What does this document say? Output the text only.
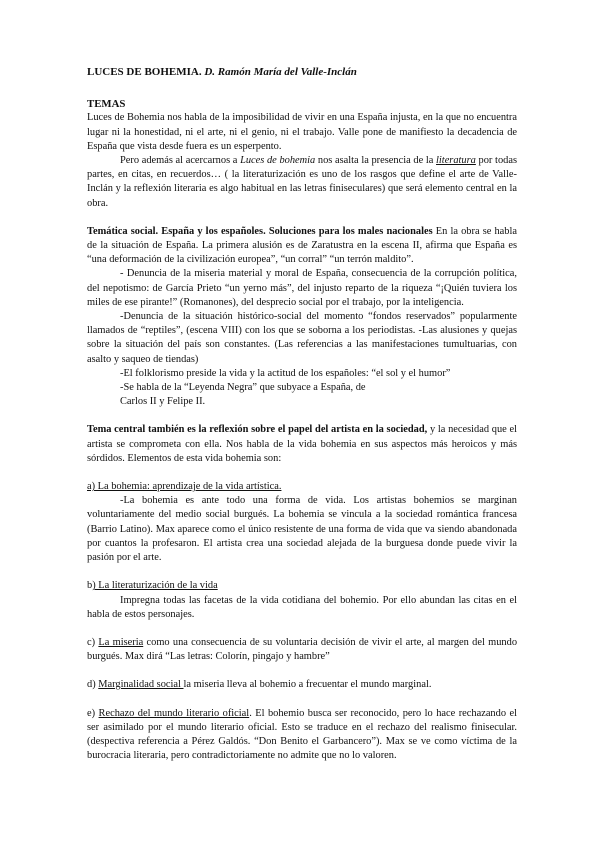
LUCES DE BOHEMIA. D. Ramón María del Valle-Inclán

TEMAS

Luces de Bohemia nos habla de la imposibilidad de vivir en una España injusta, en la que no encuentra lugar ni la honestidad, ni el arte, ni el genio, ni el trabajo. Valle pone de manifiesto la decadencia de España que vista desde fuera es un esperpento.

Pero además al acercarnos a Luces de bohemia nos asalta la presencia de la literatura por todas partes, en citas, en recuerdos… ( la literaturización es uno de los rasgos que define el arte de Valle-Inclán y la reflexión literaria es algo habitual en las letras finiseculares) que será elemento central en la obra.

Temática social. España y los españoles. Soluciones para los males nacionales En la obra se habla de la situación de España. La primera alusión es de Zaratustra en la escena II, afirma que España es “una deformación de la civilización europea”, “un corral” “un terrón maldito”.

- Denuncia de la miseria material y moral de España, consecuencia de la corrupción política, del nepotismo: de García Prieto “un yerno más”, del injusto reparto de la riqueza “¡Quién tuviera los miles de ese pirante!” (Romanones), del desprecio social por el trabajo, por la inteligencia.

-Denuncia de la situación histórico-social del momento “fondos reservados” popularmente llamados de “reptiles”, (escena VIII) con los que se soborna a los periodistas. -Las alusiones y quejas sobre la situación del país son constantes. (Las referencias a las manifestaciones tumultuarias, con asalto y saqueo de tiendas)

-El folklorismo preside la vida y la actitud de los españoles: “el sol y el humor”

-Se habla de la “Leyenda Negra” que subyace a España, de Carlos II y Felipe II.

Tema central también es la reflexión sobre el papel del artista en la sociedad, y la necesidad que el artista se comprometa con ella. Nos habla de la vida bohemia en sus aspectos más heroicos y más sórdidos. Elementos de esta vida bohemia son:

a) La bohemia: aprendizaje de la vida artística.

-La bohemia es ante todo una forma de vida. Los artistas bohemios se marginan voluntariamente del medio social burgués. La bohemia se vincula a la sociedad romántica francesa (Barrio Latino). Max aparece como el único resistente de una forma de vida que va siendo abandonada por cuantos la profesaron. El artista crea una sociedad alejada de la burguesa donde puede vivir la pasión por el arte.

b) La literaturización de la vida

Impregna todas las facetas de la vida cotidiana del bohemio. Por ello abundan las citas en el habla de estos personajes.

c) La miseria como una consecuencia de su voluntaria decisión de vivir el arte, al margen del mundo burgués. Max dirá “Las letras: Colorín, pingajo y hambre”

d) Marginalidad social la miseria lleva al bohemio a frecuentar el mundo marginal.

e) Rechazo del mundo literario oficial. El bohemio busca ser reconocido, pero lo hace rechazando el ser asimilado por el mundo literario oficial. Esto se traduce en el rechazo del realismo finisecular. (despectiva referencia a Pérez Galdós. “Don Benito el Garbancero”). Max se ve como víctima de la burocracia literaria, pero contradictoriamente no admite que no lo valoren.
